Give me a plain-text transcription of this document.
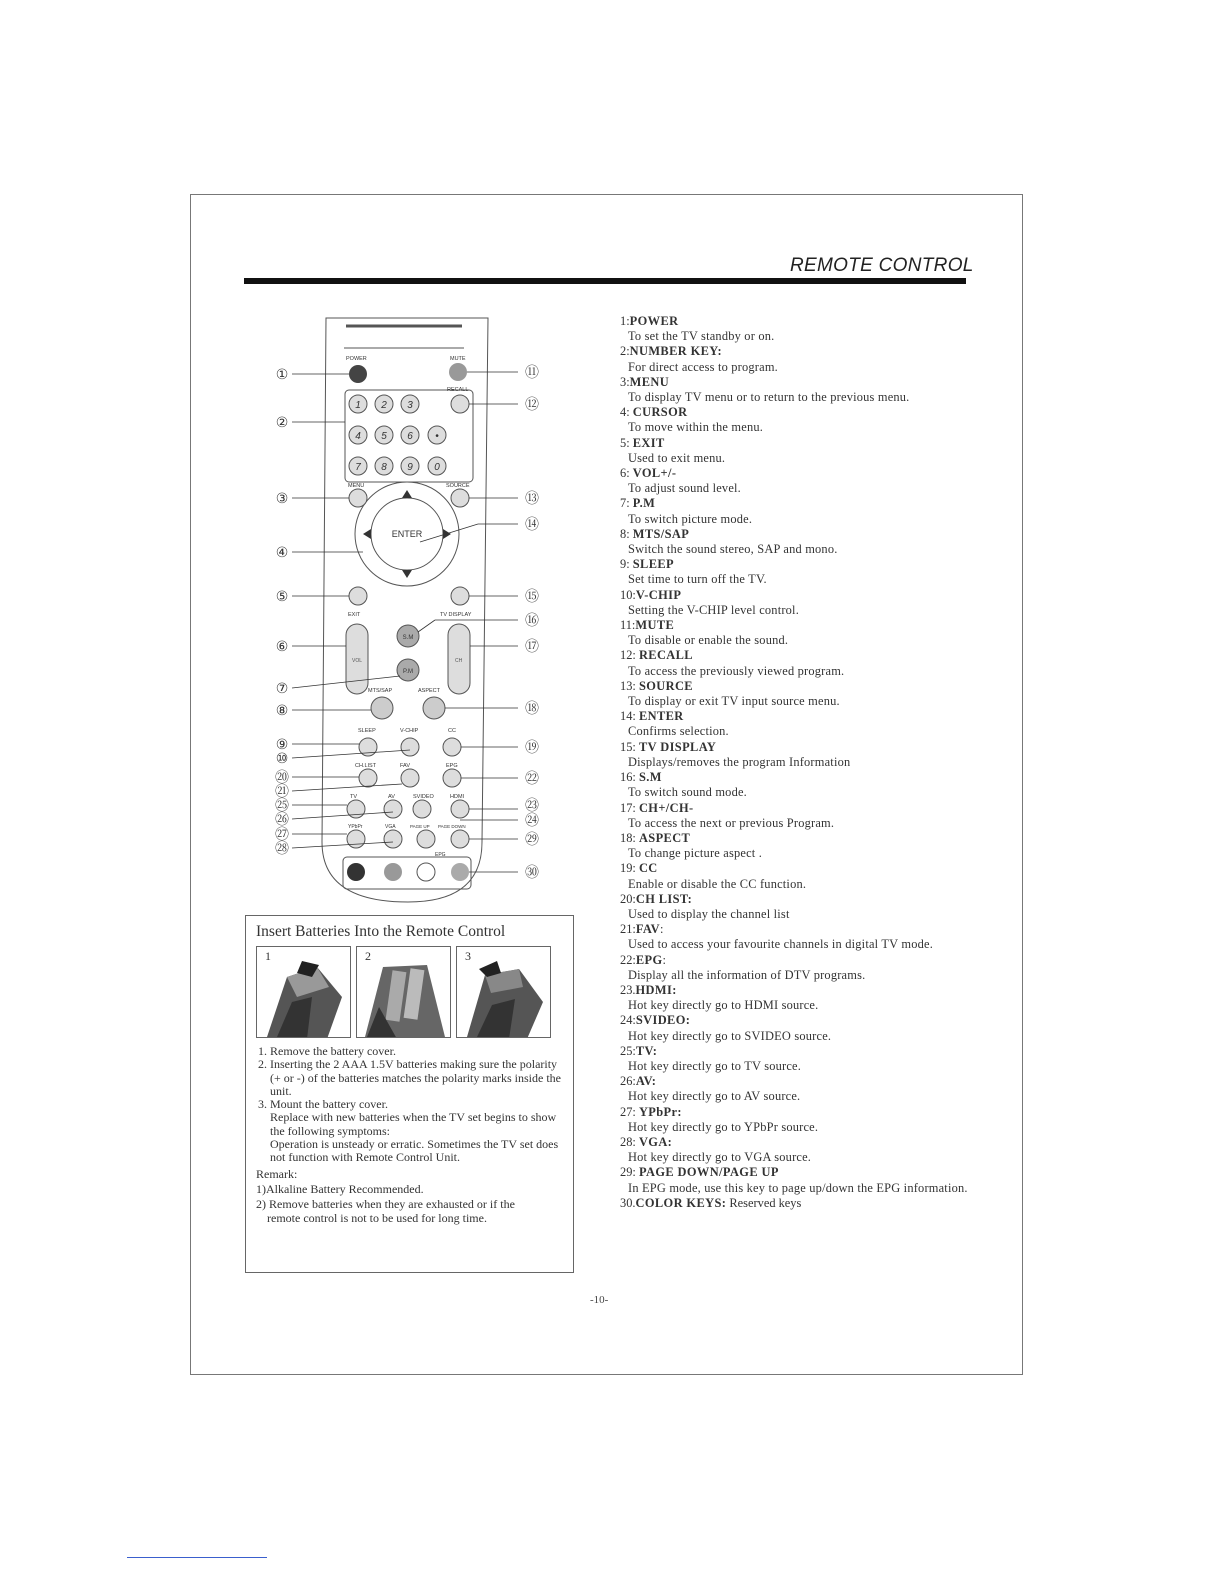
REMOTE CONTROL
POWER	MUTE
RECALL
1 2 3
4 5 6 •
7 8 9 0
MENU	SOURCE
ENTER
EXIT	TV DISPLAY
VOL	CH
S.M
P.M
MTS/SAP	ASPECT
SLEEP	V-CHIP	CC
CH.LIST	FAV	EPG
TV	AV	SVIDEO	HDMI
YPbPr	VGA	PAGE UP PAGE DOWN
EPG
①
②
③
④
⑤
⑥
⑦
⑧
⑨
⑩
⑳
㉑
㉕
㉖
㉗
㉘
⑪
⑫
⑬
⑭
⑮
⑯
⑰
⑱
⑲
㉒
㉓
㉔
㉙
㉚
Insert Batteries Into the Remote Control
1	2	3
1. Remove the battery cover.
2. Inserting the 2 AAA 1.5V batteries making sure the polarity (+ or -) of the batteries matches the polarity marks inside the unit.
3. Mount the battery cover.
Replace with new batteries when the TV set begins to show the following symptoms:
Operation is unsteady or erratic. Sometimes the TV set does not function with Remote Control Unit.
Remark:
1)Alkaline Battery Recommended.
2) Remove batteries when they are exhausted or if the
remote control is not to be used for long time.
1:POWER
To set the TV standby or on.
2:NUMBER KEY:
For direct access to program.
3:MENU
To display TV menu or to return to the previous menu.
4: CURSOR
To move within the menu.
5: EXIT
Used to exit menu.
6: VOL+/-
To adjust sound level.
7: P.M
To switch picture mode.
8: MTS/SAP
Switch the sound stereo, SAP and mono.
9: SLEEP
Set time to turn off the TV.
10:V-CHIP
Setting the V-CHIP level control.
11:MUTE
To disable or enable the sound.
12: RECALL
To access the previously viewed program.
13: SOURCE
To display or exit TV input source menu.
14: ENTER
Confirms selection.
15: TV DISPLAY
Displays/removes the program Information
16: S.M
To switch sound mode.
17: CH+/CH-
To access the next or previous Program.
18: ASPECT
To change picture aspect .
19: CC
Enable or disable the CC function.
20:CH LIST:
Used to display the channel list
21:FAV:
Used to access your favourite channels in digital TV mode.
22:EPG:
Display all the information of DTV programs.
23.HDMI:
Hot key directly go to HDMI source.
24:SVIDEO:
Hot key directly go to SVIDEO source.
25:TV:
Hot key directly go to TV source.
26:AV:
Hot key directly go to AV source.
27: YPbPr:
Hot key directly go to YPbPr source.
28: VGA:
Hot key directly go to VGA source.
29: PAGE DOWN/PAGE UP
In EPG mode, use this key to page up/down the EPG information.
30.COLOR KEYS: Reserved keys
-10-
